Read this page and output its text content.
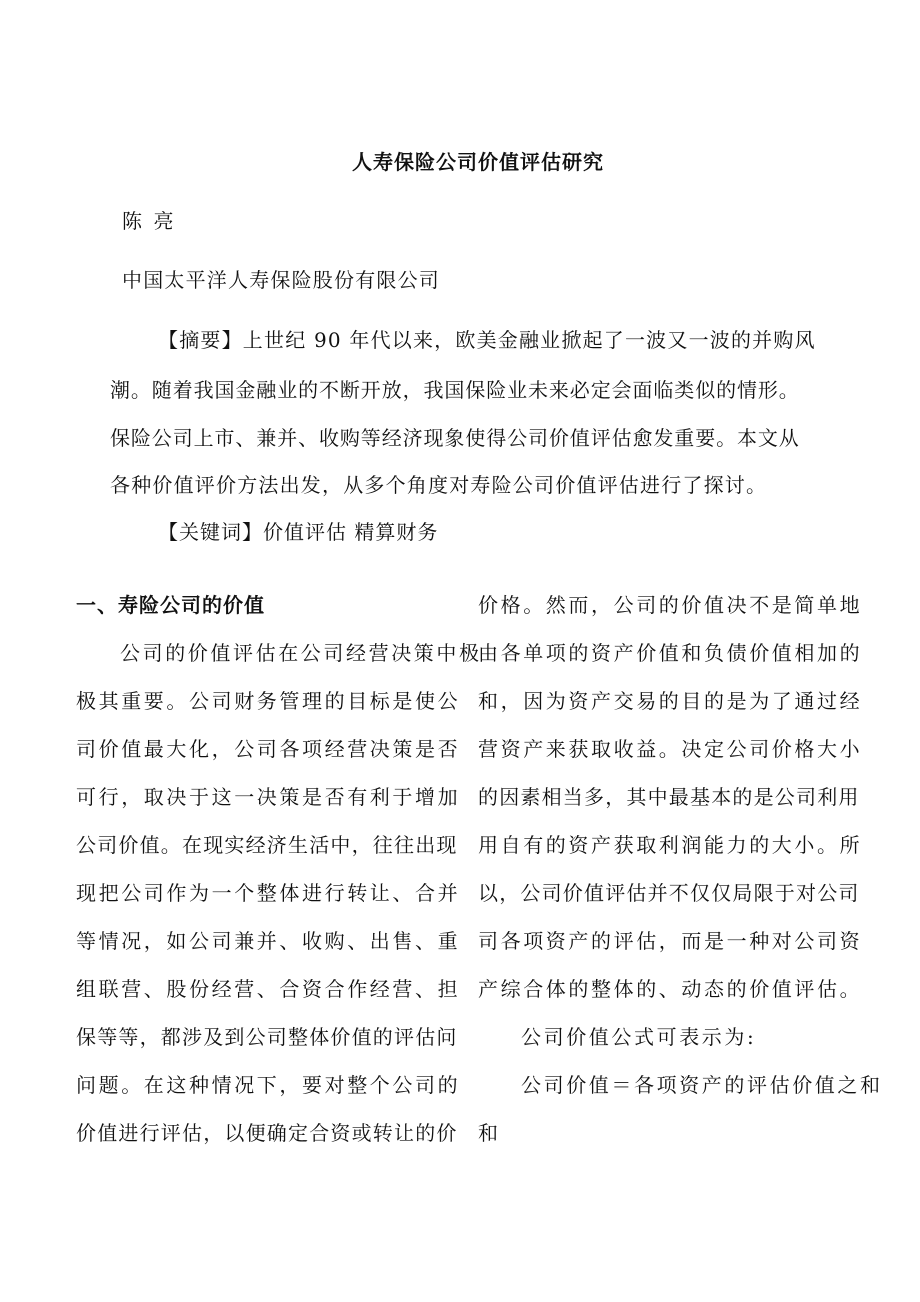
人寿保险公司价值评估研究
陈 亮
中国太平洋人寿保险股份有限公司
【摘要】上世纪 90 年代以来，欧美金融业掀起了一波又一波的并购风
潮。随着我国金融业的不断开放，我国保险业未来必定会面临类似的情形。
保险公司上市、兼并、收购等经济现象使得公司价值评估愈发重要。本文从
各种价值评价方法出发，从多个角度对寿险公司价值评估进行了探讨。
【关键词】价值评估 精算财务
一、寿险公司的价值
公司的价值评估在公司经营决策中极
极其重要。公司财务管理的目标是使公
司价值最大化，公司各项经营决策是否
可行，取决于这一决策是否有利于增加
公司价值。在现实经济生活中，往往出现
现把公司作为一个整体进行转让、合并
等情况，如公司兼并、收购、出售、重
组联营、股份经营、合资合作经营、担
保等等，都涉及到公司整体价值的评估问
问题。在这种情况下，要对整个公司的
价值进行评估，以便确定合资或转让的价
价格。然而，公司的价值决不是简单地
由各单项的资产价值和负债价值相加的
和，因为资产交易的目的是为了通过经
营资产来获取收益。决定公司价格大小
的因素相当多，其中最基本的是公司利用
用自有的资产获取利润能力的大小。所
以，公司价值评估并不仅仅局限于对公司
司各项资产的评估，而是一种对公司资
产综合体的整体的、动态的价值评估。
公司价值公式可表示为:
公司价值＝各项资产的评估价值之和
和
